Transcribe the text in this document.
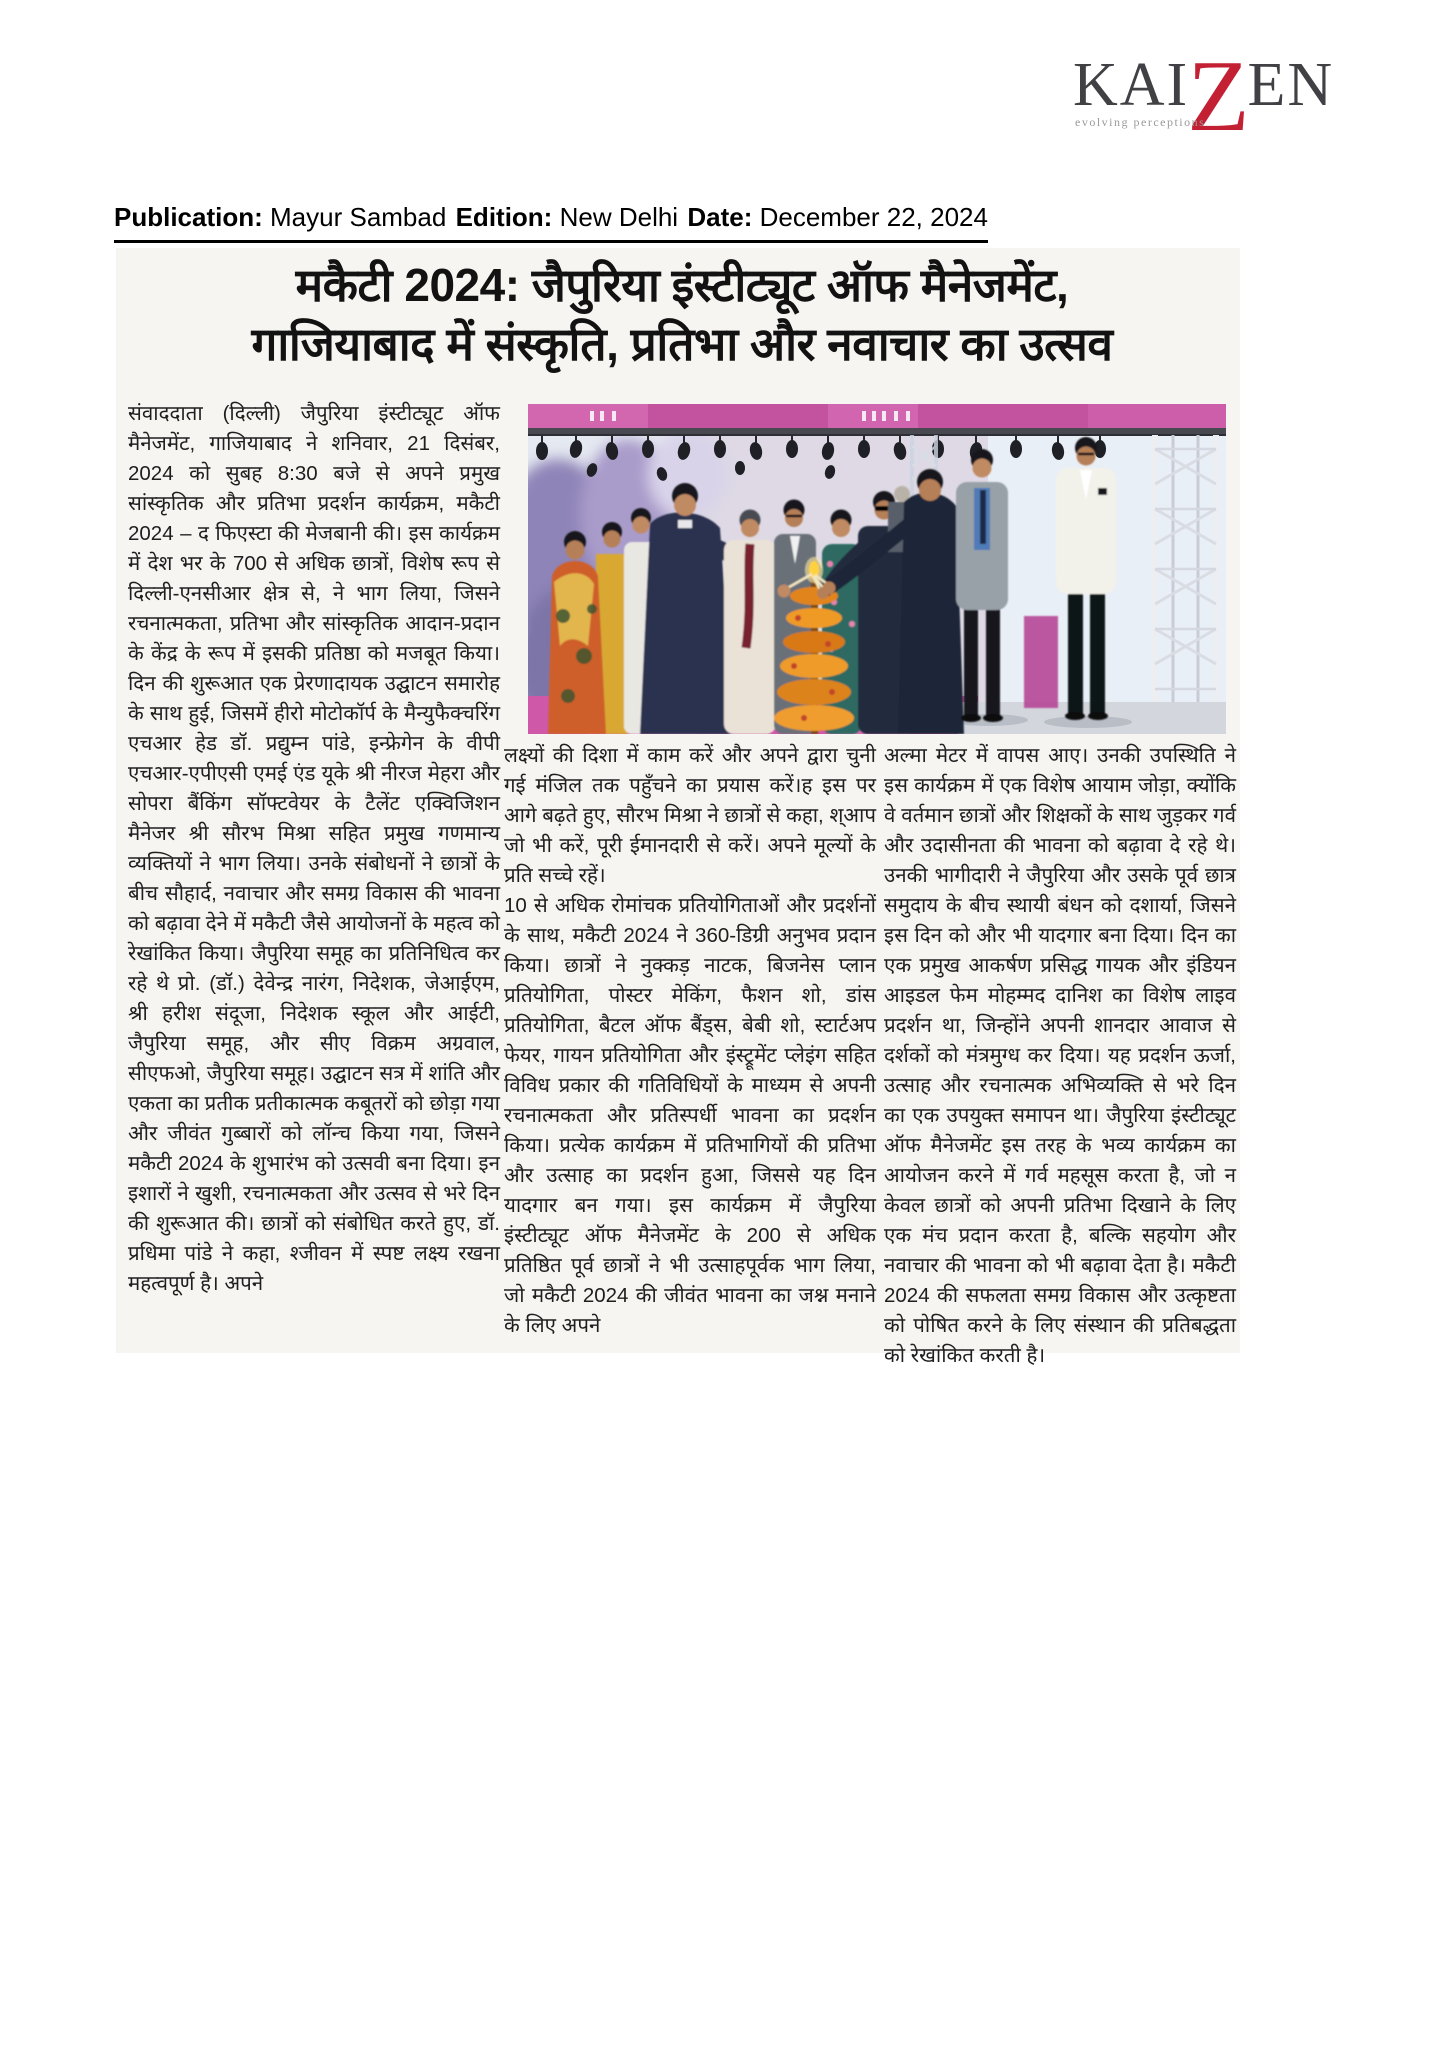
KAI
Z
EN
evolving perceptions
Publication: Mayur Sambad Edition: New Delhi Date: December 22, 2024
मकैटी 2024: जैपुरिया इंस्टीट्यूट ऑफ मैनेजमेंट,
गाजियाबाद में संस्कृति, प्रतिभा और नवाचार का उत्सव

संवाददाता (दिल्ली) जैपुरिया इंस्टीट्यूट ऑफ मैनेजमेंट, गाजियाबाद ने शनिवार, 21 दिसंबर, 2024 को सुबह 8:30 बजे से अपने प्रमुख सांस्कृतिक और प्रतिभा प्रदर्शन कार्यक्रम, मकैटी 2024 – द फिएस्टा की मेजबानी की। इस कार्यक्रम में देश भर के 700 से अधिक छात्रों, विशेष रूप से दिल्ली-एनसीआर क्षेत्र से, ने भाग लिया, जिसने रचनात्मकता, प्रतिभा और सांस्कृतिक आदान-प्रदान के केंद्र के रूप में इसकी प्रतिष्ठा को मजबूत किया। दिन की शुरूआत एक प्रेरणादायक उद्घाटन समारोह के साथ हुई, जिसमें हीरो मोटोकॉर्प के मैन्युफैक्चरिंग एचआर हेड डॉ. प्रद्युम्न पांडे, इन्फ्रेगेन के वीपी एचआर-एपीएसी एमई एंड यूके श्री नीरज मेहरा और सोपरा बैंकिंग सॉफ्टवेयर के टैलेंट एक्विजिशन मैनेजर श्री सौरभ मिश्रा सहित प्रमुख गणमान्य व्यक्तियों ने भाग लिया। उनके संबोधनों ने छात्रों के बीच सौहार्द, नवाचार और समग्र विकास की भावना को बढ़ावा देने में मकैटी जैसे आयोजनों के महत्व को रेखांकित किया। जैपुरिया समूह का प्रतिनिधित्व कर रहे थे प्रो. (डॉ.) देवेन्द्र नारंग, निदेशक, जेआईएम, श्री हरीश संदूजा, निदेशक स्कूल और आईटी, जैपुरिया समूह, और सीए विक्रम अग्रवाल, सीएफओ, जैपुरिया समूह। उद्घाटन सत्र में शांति और एकता का प्रतीक प्रतीकात्मक कबूतरों को छोड़ा गया और जीवंत गुब्बारों को लॉन्च किया गया, जिसने मकैटी 2024 के शुभारंभ को उत्सवी बना दिया। इन इशारों ने खुशी, रचनात्मकता और उत्सव से भरे दिन की शुरूआत की। छात्रों को संबोधित करते हुए, डॉ. प्रधिमा पांडे ने कहा, श्जीवन में स्पष्ट लक्ष्य रखना महत्वपूर्ण है। अपने

लक्ष्यों की दिशा में काम करें और अपने द्वारा चुनी गई मंजिल तक पहुँचने का प्रयास करें।ह इस पर आगे बढ़ते हुए, सौरभ मिश्रा ने छात्रों से कहा, श्आप जो भी करें, पूरी ईमानदारी से करें। अपने मूल्यों के प्रति सच्चे रहें।

10 से अधिक रोमांचक प्रतियोगिताओं और प्रदर्शनों के साथ, मकैटी 2024 ने 360-डिग्री अनुभव प्रदान किया। छात्रों ने नुक्कड़ नाटक, बिजनेस प्लान प्रतियोगिता, पोस्टर मेकिंग, फैशन शो, डांस प्रतियोगिता, बैटल ऑफ बैंड्स, बेबी शो, स्टार्टअप फेयर, गायन प्रतियोगिता और इंस्ट्रूमेंट प्लेइंग सहित विविध प्रकार की गतिविधियों के माध्यम से अपनी रचनात्मकता और प्रतिस्पर्धी भावना का प्रदर्शन किया। प्रत्येक कार्यक्रम में प्रतिभागियों की प्रतिभा और उत्साह का प्रदर्शन हुआ, जिससे यह दिन यादगार बन गया। इस कार्यक्रम में जैपुरिया इंस्टीट्यूट ऑफ मैनेजमेंट के 200 से अधिक प्रतिष्ठित पूर्व छात्रों ने भी उत्साहपूर्वक भाग लिया, जो मकैटी 2024 की जीवंत भावना का जश्न मनाने के लिए अपने

अल्मा मेटर में वापस आए। उनकी उपस्थिति ने इस कार्यक्रम में एक विशेष आयाम जोड़ा, क्योंकि वे वर्तमान छात्रों और शिक्षकों के साथ जुड़कर गर्व और उदासीनता की भावना को बढ़ावा दे रहे थे। उनकी भागीदारी ने जैपुरिया और उसके पूर्व छात्र समुदाय के बीच स्थायी बंधन को दशार्या, जिसने इस दिन को और भी यादगार बना दिया। दिन का एक प्रमुख आकर्षण प्रसिद्ध गायक और इंडियन आइडल फेम मोहम्मद दानिश का विशेष लाइव प्रदर्शन था, जिन्होंने अपनी शानदार आवाज से दर्शकों को मंत्रमुग्ध कर दिया। यह प्रदर्शन ऊर्जा, उत्साह और रचनात्मक अभिव्यक्ति से भरे दिन का एक उपयुक्त समापन था। जैपुरिया इंस्टीट्यूट ऑफ मैनेजमेंट इस तरह के भव्य कार्यक्रम का आयोजन करने में गर्व महसूस करता है, जो न केवल छात्रों को अपनी प्रतिभा दिखाने के लिए एक मंच प्रदान करता है, बल्कि सहयोग और नवाचार की भावना को भी बढ़ावा देता है। मकैटी 2024 की सफलता समग्र विकास और उत्कृष्टता को पोषित करने के लिए संस्थान की प्रतिबद्धता को रेखांकित करती है।
